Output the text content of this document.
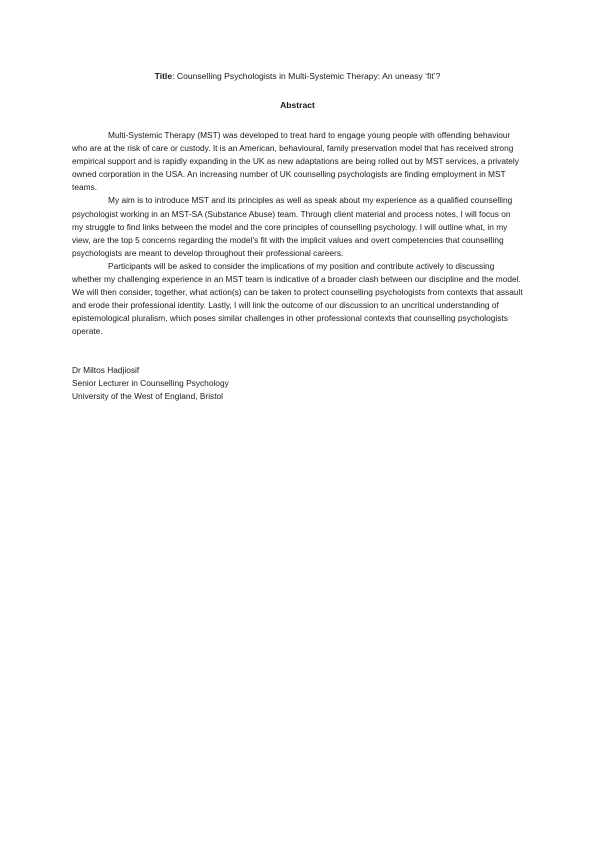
Title: Counselling Psychologists in Multi-Systemic Therapy: An uneasy ‘fit’?

Abstract

Multi-Systemic Therapy (MST) was developed to treat hard to engage young people with offending behaviour who are at the risk of care or custody. It is an American, behavioural, family preservation model that has received strong empirical support and is rapidly expanding in the UK as new adaptations are being rolled out by MST services, a privately owned corporation in the USA. An increasing number of UK counselling psychologists are finding employment in MST teams.

My aim is to introduce MST and its principles as well as speak about my experience as a qualified counselling psychologist working in an MST-SA (Substance Abuse) team. Through client material and process notes, I will focus on my struggle to find links between the model and the core principles of counselling psychology. I will outline what, in my view, are the top 5 concerns regarding the model’s fit with the implicit values and overt competencies that counselling psychologists are meant to develop throughout their professional careers.

Participants will be asked to consider the implications of my position and contribute actively to discussing whether my challenging experience in an MST team is indicative of a broader clash between our discipline and the model. We will then consider, together, what action(s) can be taken to protect counselling psychologists from contexts that assault and erode their professional identity. Lastly, I will link the outcome of our discussion to an uncritical understanding of epistemological pluralism, which poses similar challenges in other professional contexts that counselling psychologists operate.

Dr Miltos Hadjiosif
Senior Lecturer in Counselling Psychology
University of the West of England, Bristol
